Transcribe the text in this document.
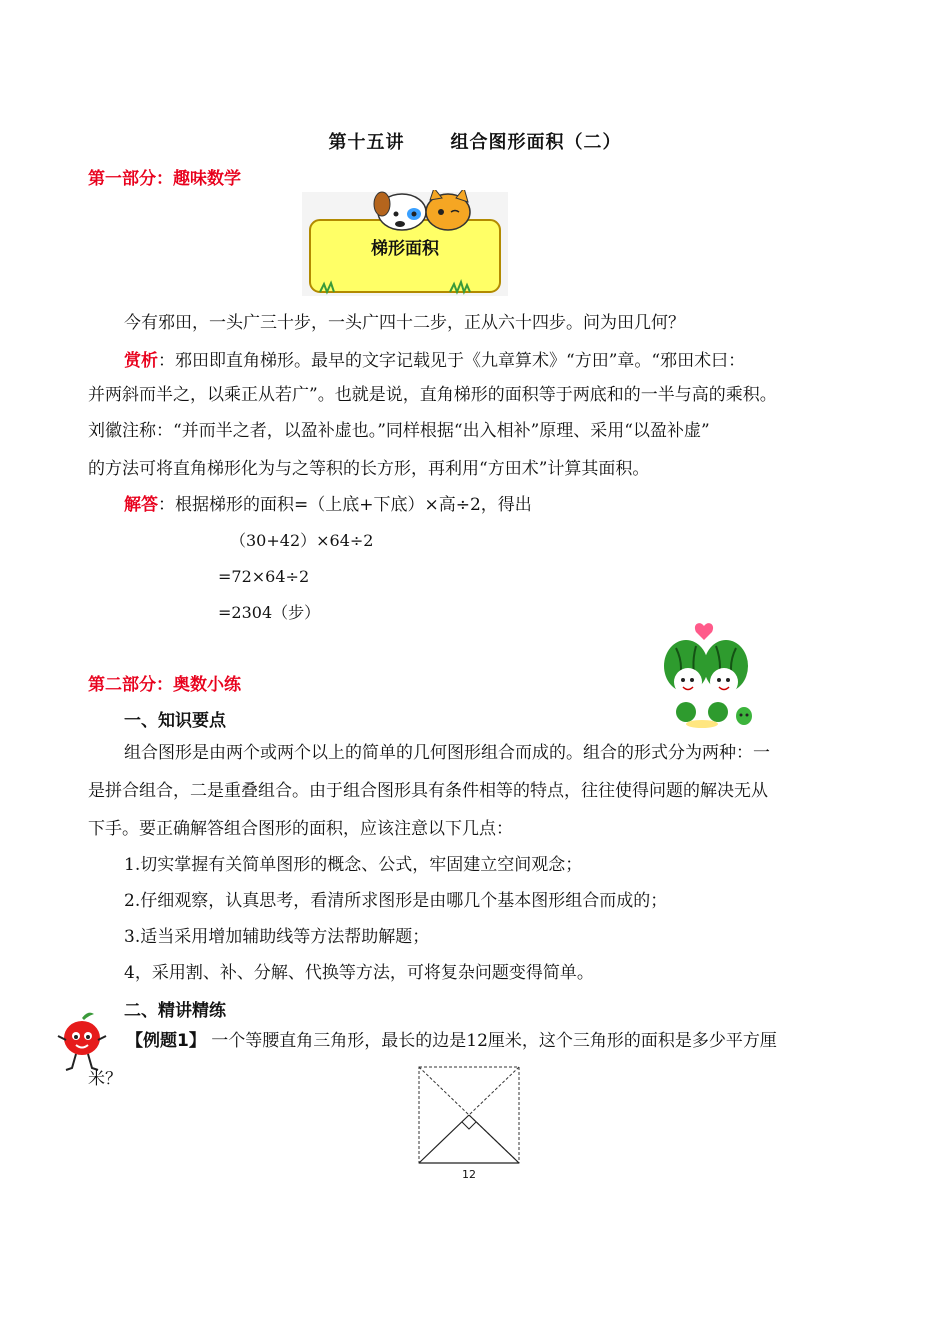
第十五讲	组合图形面积（二）
第一部分：趣味数学
梯形面积
今有邪田，一头广三十步，一头广四十二步，正从六十四步。问为田几何？
赏析：邪田即直角梯形。最早的文字记载见于《九章算术》“方田”章。“邪田术曰：
并两斜而半之，以乘正从若广”。也就是说，直角梯形的面积等于两底和的一半与高的乘积。
刘徽注称：“并而半之者，以盈补虚也。”同样根据“出入相补”原理、采用“以盈补虚”
的方法可将直角梯形化为与之等积的长方形，再利用“方田术”计算其面积。
解答：根据梯形的面积=（上底+下底）×高÷2，得出
（30+42）×64÷2
=72×64÷2
=2304（步）
第二部分：奥数小练
一、知识要点
组合图形是由两个或两个以上的简单的几何图形组合而成的。组合的形式分为两种：一
是拼合组合，二是重叠组合。由于组合图形具有条件相等的特点，往往使得问题的解决无从
下手。要正确解答组合图形的面积，应该注意以下几点：
1.切实掌握有关简单图形的概念、公式，牢固建立空间观念；
2.仔细观察，认真思考，看清所求图形是由哪几个基本图形组合而成的；
3.适当采用增加辅助线等方法帮助解题；
4，采用割、补、分解、代换等方法，可将复杂问题变得简单。
二、精讲精练
【例题1】 一个等腰直角三角形，最长的边是12厘米，这个三角形的面积是多少平方厘
米？
12
